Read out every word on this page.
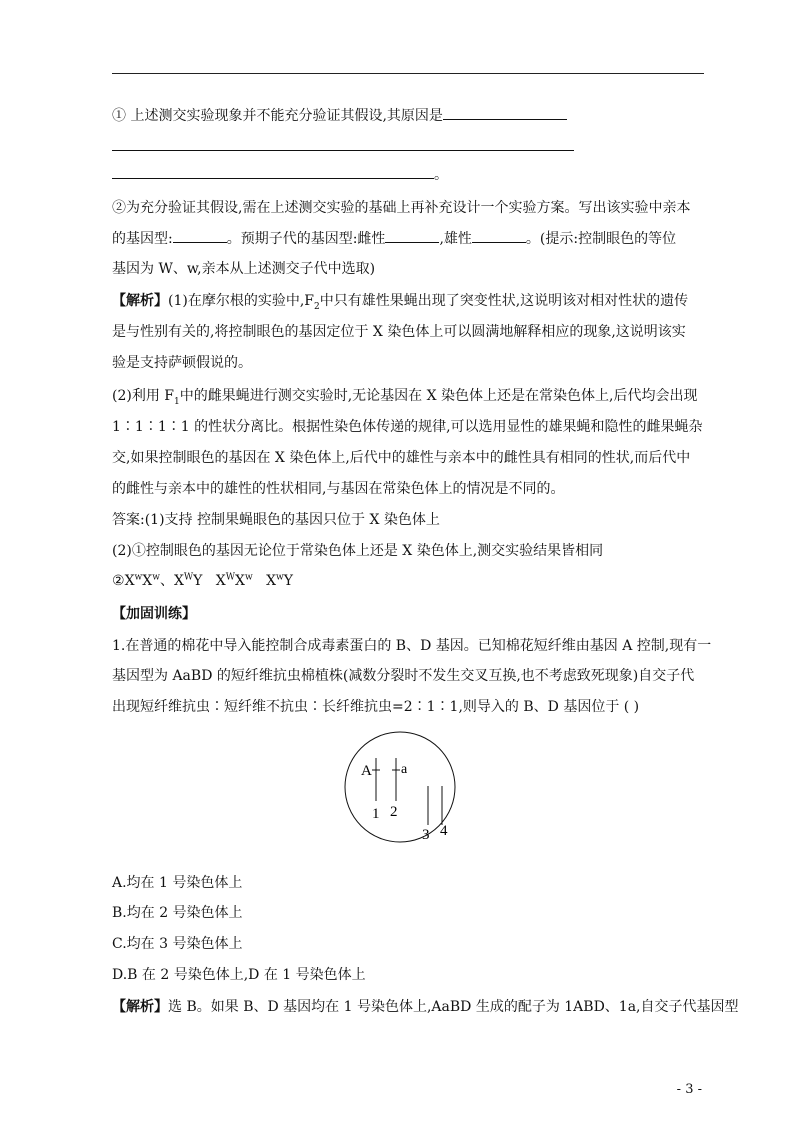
① 上述测交实验现象并不能充分验证其假设,其原因是
。
②为充分验证其假设,需在上述测交实验的基础上再补充设计一个实验方案。写出该实验中亲本
的基因型:	。预期子代的基因型:雌性	,雄性	。(提示:控制眼色的等位
基因为 W、w,亲本从上述测交子代中选取)
【解析】(1)在摩尔根的实验中$,F_2$中只有雄性果蝇出现了突变性状,这说明该对相对性状的遗传
是与性别有关的,将控制眼色的基因定位于 X 染色体上可以圆满地解释相应的现象,这说明该实
验是支持萨顿假说的。
(2)利用 $F_1$中的雌果蝇进行测交实验时,无论基因在 X 染色体上还是在常染色体上,后代均会出现
1∶1∶1∶1 的性状分离比。根据性染色体传递的规律,可以选用显性的雄果蝇和隐性的雌果蝇杂
交,如果控制眼色的基因在 X 染色体上,后代中的雄性与亲本中的雌性具有相同的性状,而后代中
的雌性与亲本中的雄性的性状相同,与基因在常染色体上的情况是不同的。
答案:(1)支持 控制果蝇眼色的基因只位于 X 染色体上
(2)①控制眼色的基因无论位于常染色体上还是 X 染色体上,测交实验结果皆相同
$②X^wX^w$、$X^WY$ $X^WX^w$ $X^wY$
【加固训练】
1.在普通的棉花中导入能控制合成毒素蛋白的 B、D 基因。已知棉花短纤维由基因 A 控制,现有一
基因型为 AaBD 的短纤维抗虫棉植株(减数分裂时不发生交叉互换,也不考虑致死现象)自交子代
出现短纤维抗虫∶短纤维不抗虫∶长纤维抗虫=2∶1∶1,则导入的 B、D 基因位于 ( )
A a
1 2
3 4
A.均在 1 号染色体上
B.均在 2 号染色体上
C.均在 3 号染色体上
D.B 在 2 号染色体上,D 在 1 号染色体上
【解析】选 B。如果 B、D 基因均在 1 号染色体上,AaBD 生成的配子为 1ABD、1a,自交子代基因型
- 3 -
